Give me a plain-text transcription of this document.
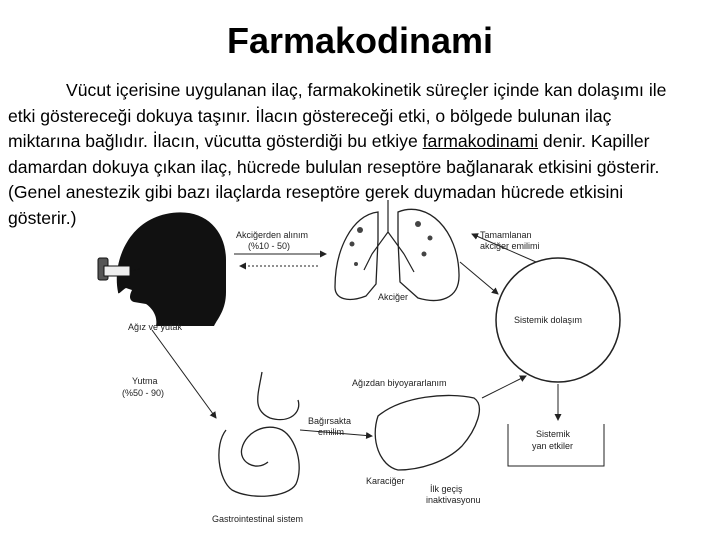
Farmakodinami
Vücut içerisine uygulanan ilaç, farmakokinetik süreçler içinde kan dolaşımı ile
etki göstereceği dokuya taşınır. İlacın göstereceği etki, o bölgede bulunan ilaç
miktarına bağlıdır. İlacın, vücutta gösterdiği bu etkiye farmakodinami denir. Kapiller
damardan dokuya çıkan ilaç, hücrede bululan reseptöre bağlanarak etkisini gösterir.
(Genel anestezik gibi bazı ilaçlarda reseptöre gerek duymadan hücrede etkisini
gösterir.)
Akciğerden alınım
(%10 - 50)
Akciğer
Tamamlanan
akciğer emilimi
Sistemik dolaşım
Ağız ve yutak
Yutma
(%50 - 90)
Ağızdan biyoyararlanım
Bağırsakta
emilim	Sistemik
yan etkiler
Karaciğer
İlk geçiş
inaktivasyonu
Gastrointestinal sistem
